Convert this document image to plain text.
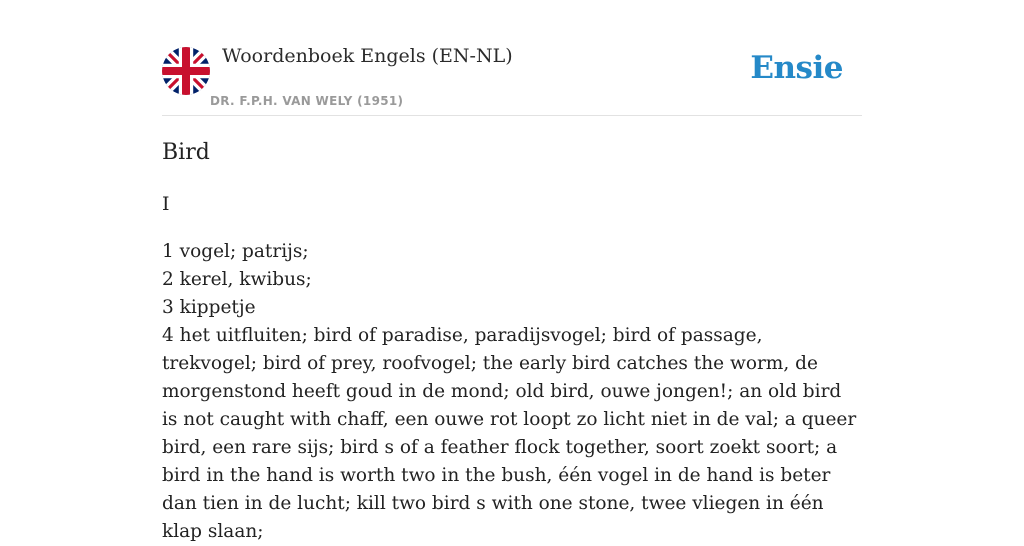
Woordenboek Engels (EN-NL)
DR. F.P.H. VAN WELY (1951)
Ensie
Bird
I
1 vogel; patrijs;
2 kerel, kwibus;
3 kippetje
4 het uitfluiten; bird of paradise, paradijsvogel; bird of passage, trekvogel; bird of prey, roofvogel; the early bird catches the worm, de morgenstond heeft goud in de mond; old bird, ouwe jongen!; an old bird is not caught with chaff, een ouwe rot loopt zo licht niet in de val; a queer bird, een rare sijs; bird s of a feather flock together, soort zoekt soort; a bird in the hand is worth two in the bush, één vogel in de hand is beter dan tien in de lucht; kill two bird s with one stone, twee vliegen in één klap slaan;
